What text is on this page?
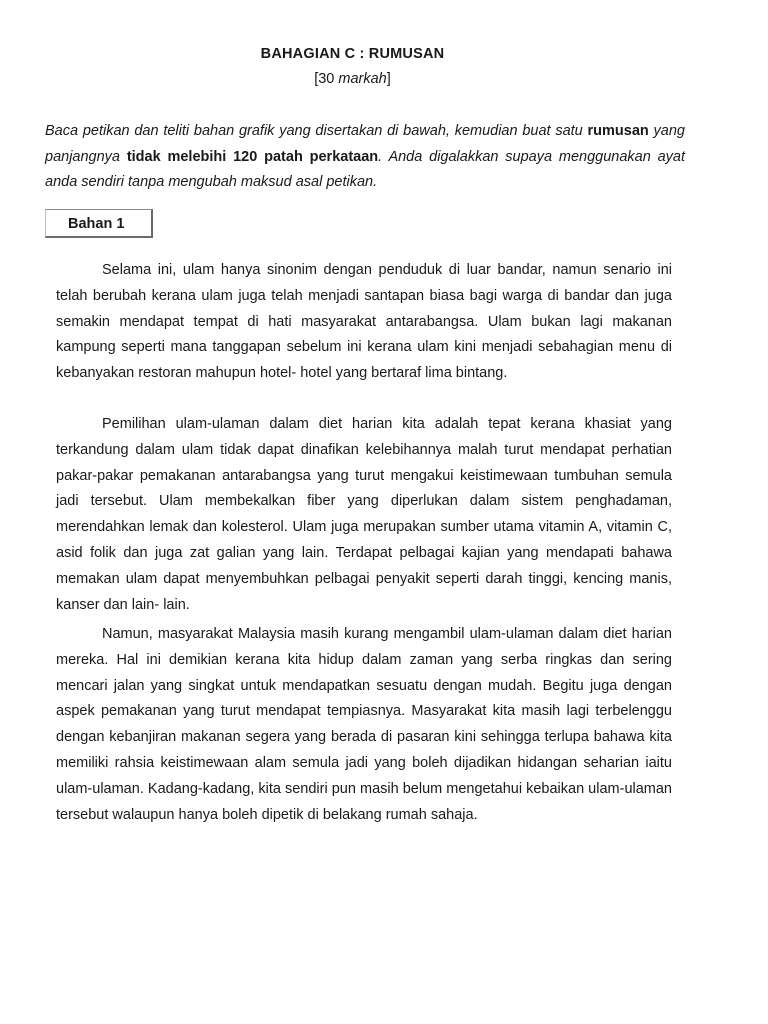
BAHAGIAN C : RUMUSAN
[30 markah]
Baca petikan dan teliti bahan grafik yang disertakan di bawah, kemudian buat satu rumusan yang panjangnya tidak melebihi 120 patah perkataan. Anda digalakkan supaya menggunakan ayat anda sendiri tanpa mengubah maksud asal petikan.
Bahan 1

Selama ini, ulam hanya sinonim dengan penduduk di luar bandar, namun senario ini telah berubah kerana ulam juga telah menjadi santapan biasa bagi warga di bandar dan juga semakin mendapat tempat di hati masyarakat antarabangsa. Ulam bukan lagi makanan kampung seperti mana tanggapan sebelum ini kerana ulam kini menjadi sebahagian menu di kebanyakan restoran mahupun hotel- hotel yang bertaraf lima bintang.

Pemilihan ulam-ulaman dalam diet harian kita adalah tepat kerana khasiat yang terkandung dalam ulam tidak dapat dinafikan kelebihannya malah turut mendapat perhatian pakar-pakar pemakanan antarabangsa yang turut mengakui keistimewaan tumbuhan semula jadi tersebut. Ulam membekalkan fiber yang diperlukan dalam sistem penghadaman, merendahkan lemak dan kolesterol. Ulam juga merupakan sumber utama vitamin A, vitamin C, asid folik dan juga zat galian yang lain. Terdapat pelbagai kajian yang mendapati bahawa memakan ulam dapat menyembuhkan pelbagai penyakit seperti darah tinggi, kencing manis, kanser dan lain- lain.

Namun, masyarakat Malaysia masih kurang mengambil ulam-ulaman dalam diet harian mereka. Hal ini demikian kerana kita hidup dalam zaman yang serba ringkas dan sering mencari jalan yang singkat untuk mendapatkan sesuatu dengan mudah. Begitu juga dengan aspek pemakanan yang turut mendapat tempiasnya. Masyarakat kita masih lagi terbelenggu dengan kebanjiran makanan segera yang berada di pasaran kini sehingga terlupa bahawa kita memiliki rahsia keistimewaan alam semula jadi yang boleh dijadikan hidangan seharian iaitu ulam-ulaman. Kadang-kadang, kita sendiri pun masih belum mengetahui kebaikan ulam-ulaman tersebut walaupun hanya boleh dipetik di belakang rumah sahaja.
